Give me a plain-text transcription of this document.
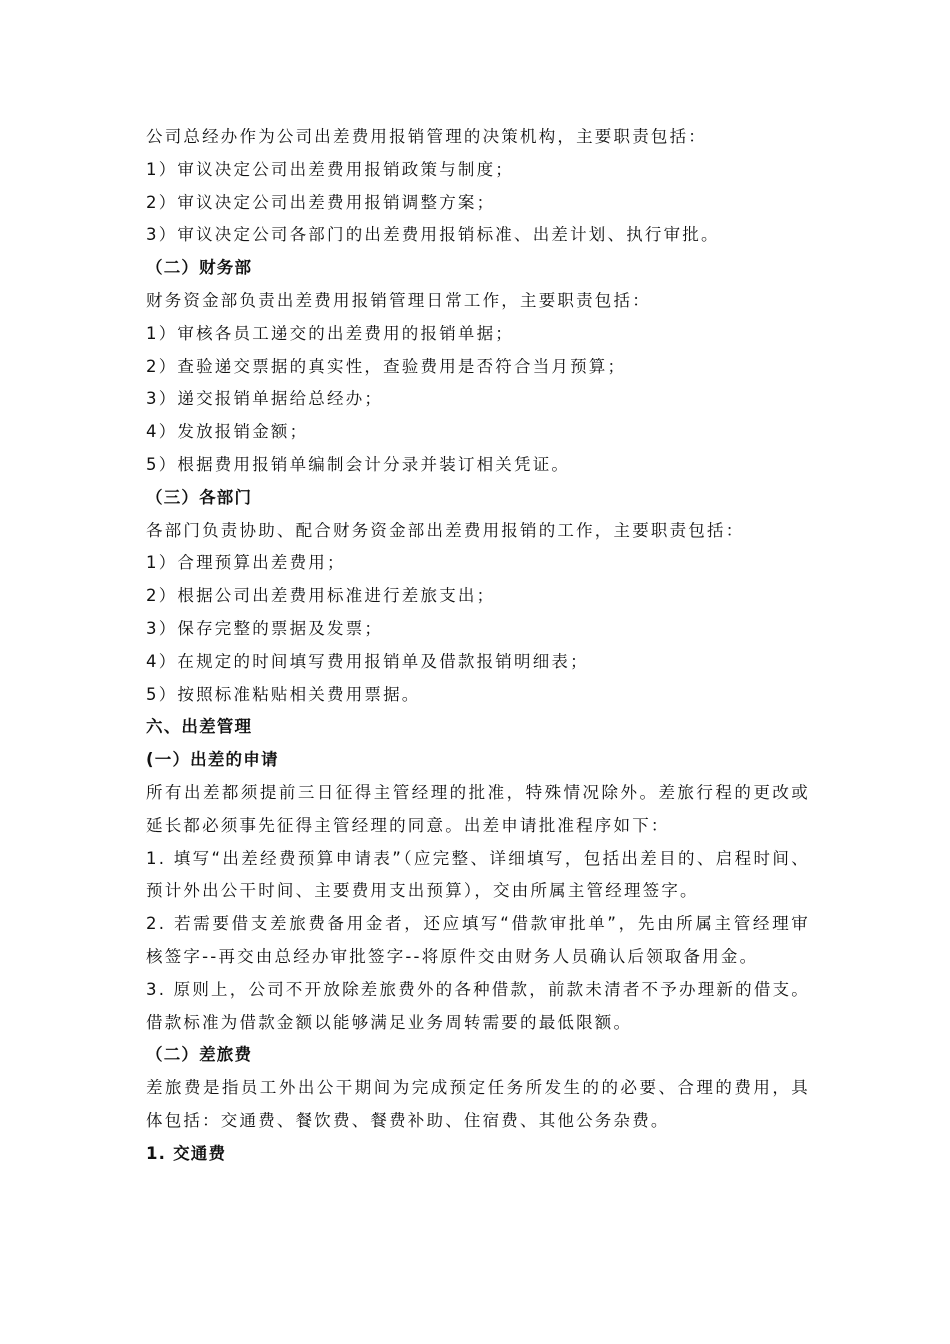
公司总经办作为公司出差费用报销管理的决策机构，主要职责包括：

1）审议决定公司出差费用报销政策与制度；

2）审议决定公司出差费用报销调整方案；

3）审议决定公司各部门的出差费用报销标准、出差计划、执行审批。

（二）财务部

财务资金部负责出差费用报销管理日常工作，主要职责包括：

1）审核各员工递交的出差费用的报销单据；

2）查验递交票据的真实性，查验费用是否符合当月预算；

3）递交报销单据给总经办；

4）发放报销金额；

5）根据费用报销单编制会计分录并装订相关凭证。

（三）各部门

各部门负责协助、配合财务资金部出差费用报销的工作，主要职责包括：

1）合理预算出差费用；

2）根据公司出差费用标准进行差旅支出；

3）保存完整的票据及发票；

4）在规定的时间填写费用报销单及借款报销明细表；

5）按照标准粘贴相关费用票据。

六、出差管理

(一）出差的申请

所有出差都须提前三日征得主管经理的批准，特殊情况除外。差旅行程的更改或延长都必须事先征得主管经理的同意。出差申请批准程序如下：

1. 填写“出差经费预算申请表”（应完整、详细填写，包括出差目的、启程时间、预计外出公干时间、主要费用支出预算），交由所属主管经理签字。

2. 若需要借支差旅费备用金者，还应填写“借款审批单”，先由所属主管经理审核签字--再交由总经办审批签字--将原件交由财务人员确认后领取备用金。

3. 原则上，公司不开放除差旅费外的各种借款，前款未清者不予办理新的借支。借款标准为借款金额以能够满足业务周转需要的最低限额。

（二）差旅费

差旅费是指员工外出公干期间为完成预定任务所发生的的必要、合理的费用，具体包括：交通费、餐饮费、餐费补助、住宿费、其他公务杂费。

1. 交通费
